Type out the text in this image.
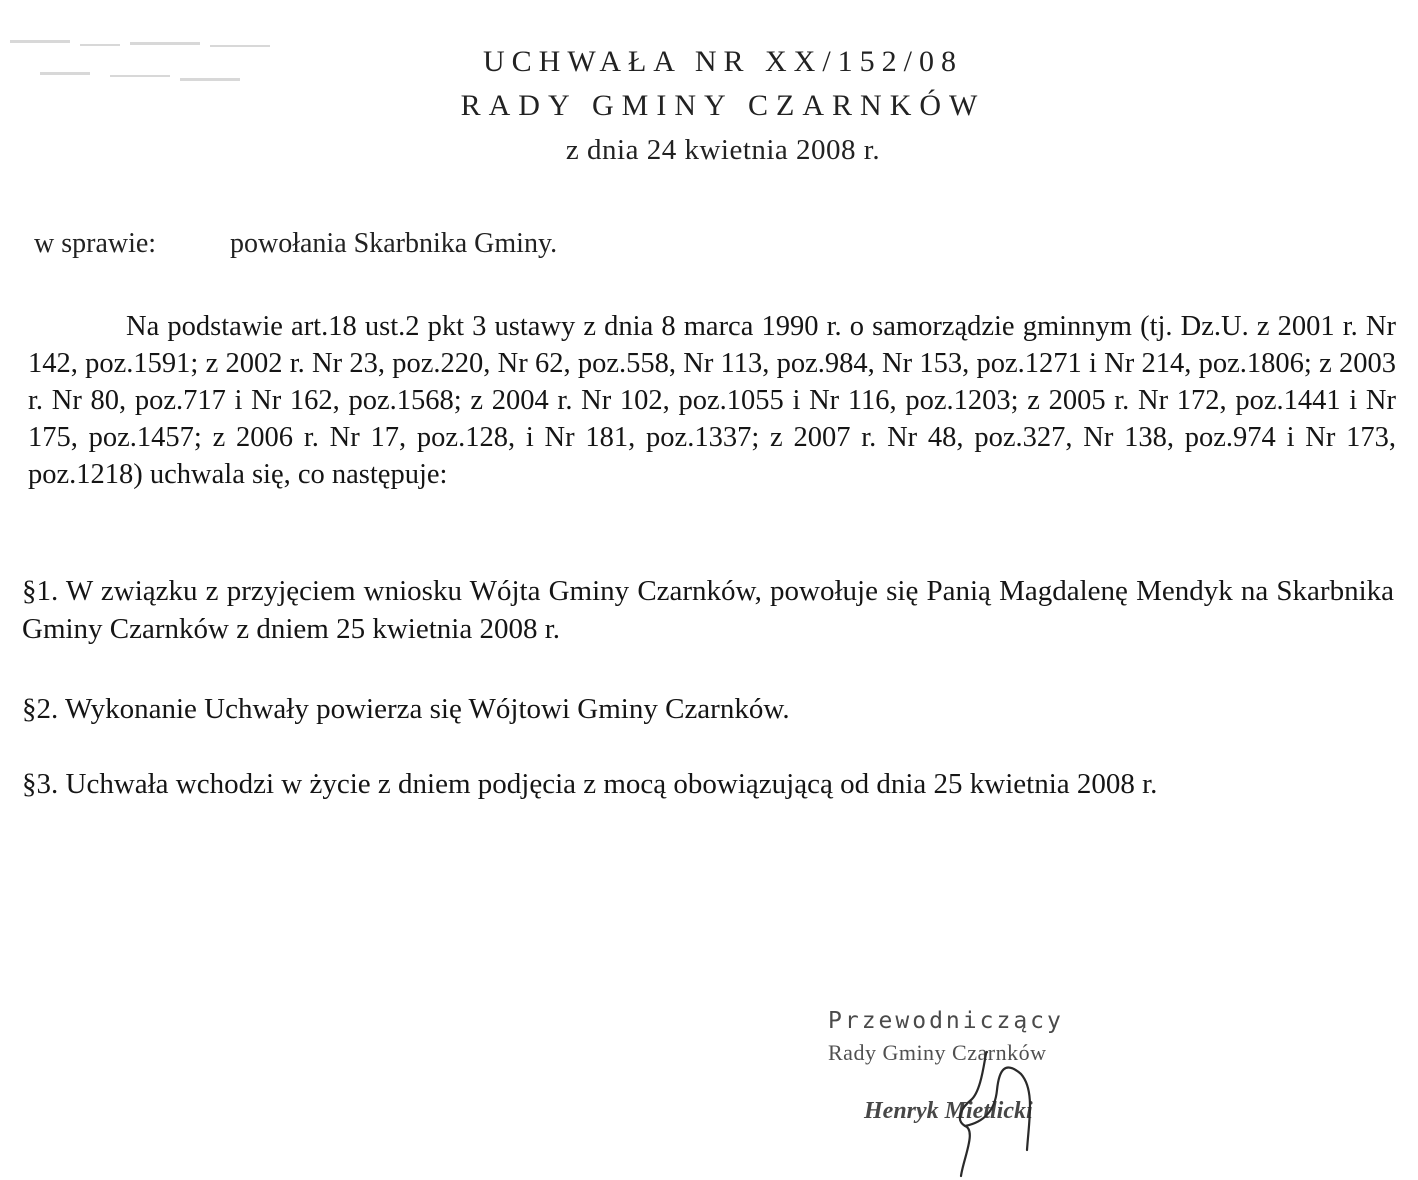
UCHWAŁA NR XX/152/08
RADY GMINY CZARNKÓW
z dnia 24 kwietnia 2008 r.
w sprawie:	powołania Skarbnika Gminy.

Na podstawie art.18 ust.2 pkt 3 ustawy z dnia 8 marca 1990 r. o samorządzie gminnym (tj. Dz.U. z 2001 r. Nr 142, poz.1591; z 2002 r. Nr 23, poz.220, Nr 62, poz.558, Nr 113, poz.984, Nr 153, poz.1271 i Nr 214, poz.1806; z 2003 r. Nr 80, poz.717 i Nr 162, poz.1568; z 2004 r. Nr 102, poz.1055 i Nr 116, poz.1203; z 2005 r. Nr 172, poz.1441 i Nr 175, poz.1457; z 2006 r. Nr 17, poz.128, i Nr 181, poz.1337; z 2007 r. Nr 48, poz.327, Nr 138, poz.974 i Nr 173, poz.1218) uchwala się, co następuje:

§1. W związku z przyjęciem wniosku Wójta Gminy Czarnków, powołuje się Panią Magdalenę Mendyk na Skarbnika Gminy Czarnków z dniem 25 kwietnia 2008 r.

§2. Wykonanie Uchwały powierza się Wójtowi Gminy Czarnków.

§3. Uchwała wchodzi w życie z dniem podjęcia z mocą obowiązującą od dnia 25 kwietnia 2008 r.

Przewodniczący
Rady Gminy Czarnków
Henryk Mietlicki
